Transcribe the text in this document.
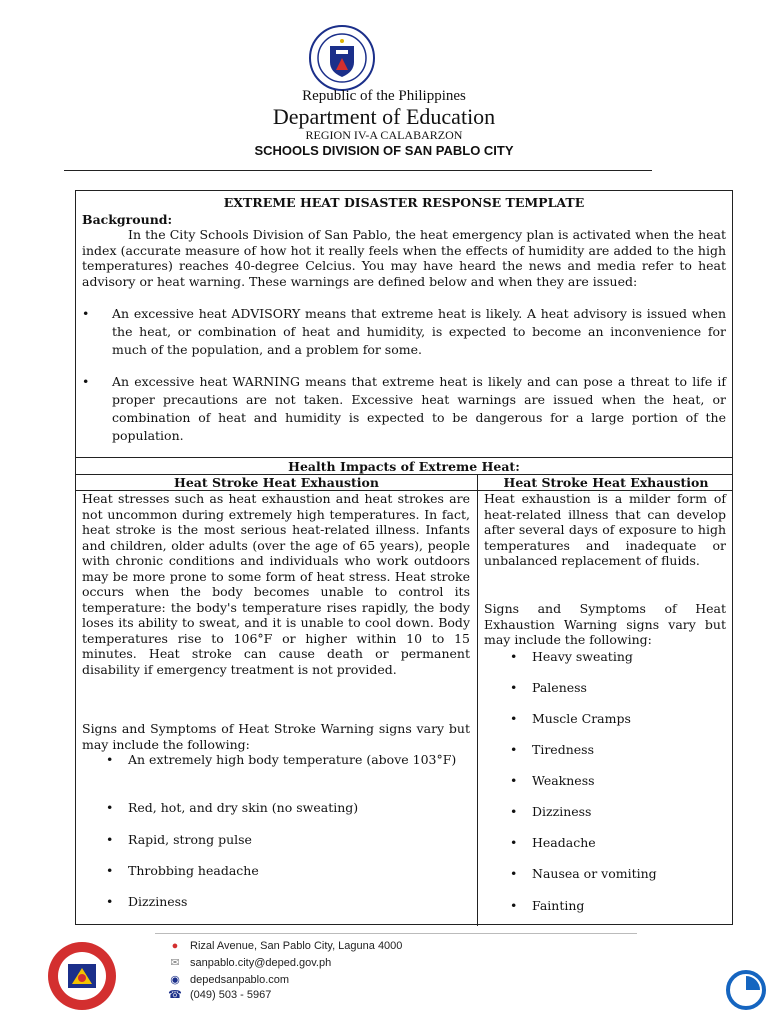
Republic of the Philippines
Department of Education
REGION IV-A CALABARZON
SCHOOLS DIVISION OF SAN PABLO CITY
EXTREME HEAT DISASTER RESPONSE TEMPLATE
Background:

In the City Schools Division of San Pablo, the heat emergency plan is activated when the heat index (accurate measure of how hot it really feels when the effects of humidity are added to the high temperatures) reaches 40-degree Celcius. You may have heard the news and media refer to heat advisory or heat warning. These warnings are defined below and when they are issued:

• An excessive heat ADVISORY means that extreme heat is likely. A heat advisory is issued when the heat, or combination of heat and humidity, is expected to become an inconvenience for much of the population, and a problem for some.
• An excessive heat WARNING means that extreme heat is likely and can pose a threat to life if proper precautions are not taken. Excessive heat warnings are issued when the heat, or combination of heat and humidity is expected to be dangerous for a large portion of the population.
Health Impacts of Extreme Heat:
Heat Stroke Heat Exhaustion	Heat Stroke Heat Exhaustion

Heat stresses such as heat exhaustion and heat strokes are not uncommon during extremely high temperatures. In fact, heat stroke is the most serious heat-related illness. Infants and children, older adults (over the age of 65 years), people with chronic conditions and individuals who work outdoors may be more prone to some form of heat stress. Heat stroke occurs when the body becomes unable to control its temperature: the body's temperature rises rapidly, the body loses its ability to sweat, and it is unable to cool down. Body temperatures rise to 106°F or higher within 10 to 15 minutes. Heat stroke can cause death or permanent disability if emergency treatment is not provided.

Signs and Symptoms of Heat Stroke Warning signs vary but may include the following:

• An extremely high body temperature (above 103°F)
• Red, hot, and dry skin (no sweating)
• Rapid, strong pulse
• Throbbing headache
• Dizziness

Heat exhaustion is a milder form of heat-related illness that can develop after several days of exposure to high temperatures and inadequate or unbalanced replacement of fluids.

Signs and Symptoms of Heat Exhaustion Warning signs vary but may include the following:

• Heavy sweating
• Paleness
• Muscle Cramps
• Tiredness
• Weakness
• Dizziness
• Headache
• Nausea or vomiting
• Fainting
● Rizal Avenue, San Pablo City, Laguna 4000
✉ sanpablo.city@deped.gov.ph
◉ depedsanpablo.com
☎ (049) 503 - 5967
